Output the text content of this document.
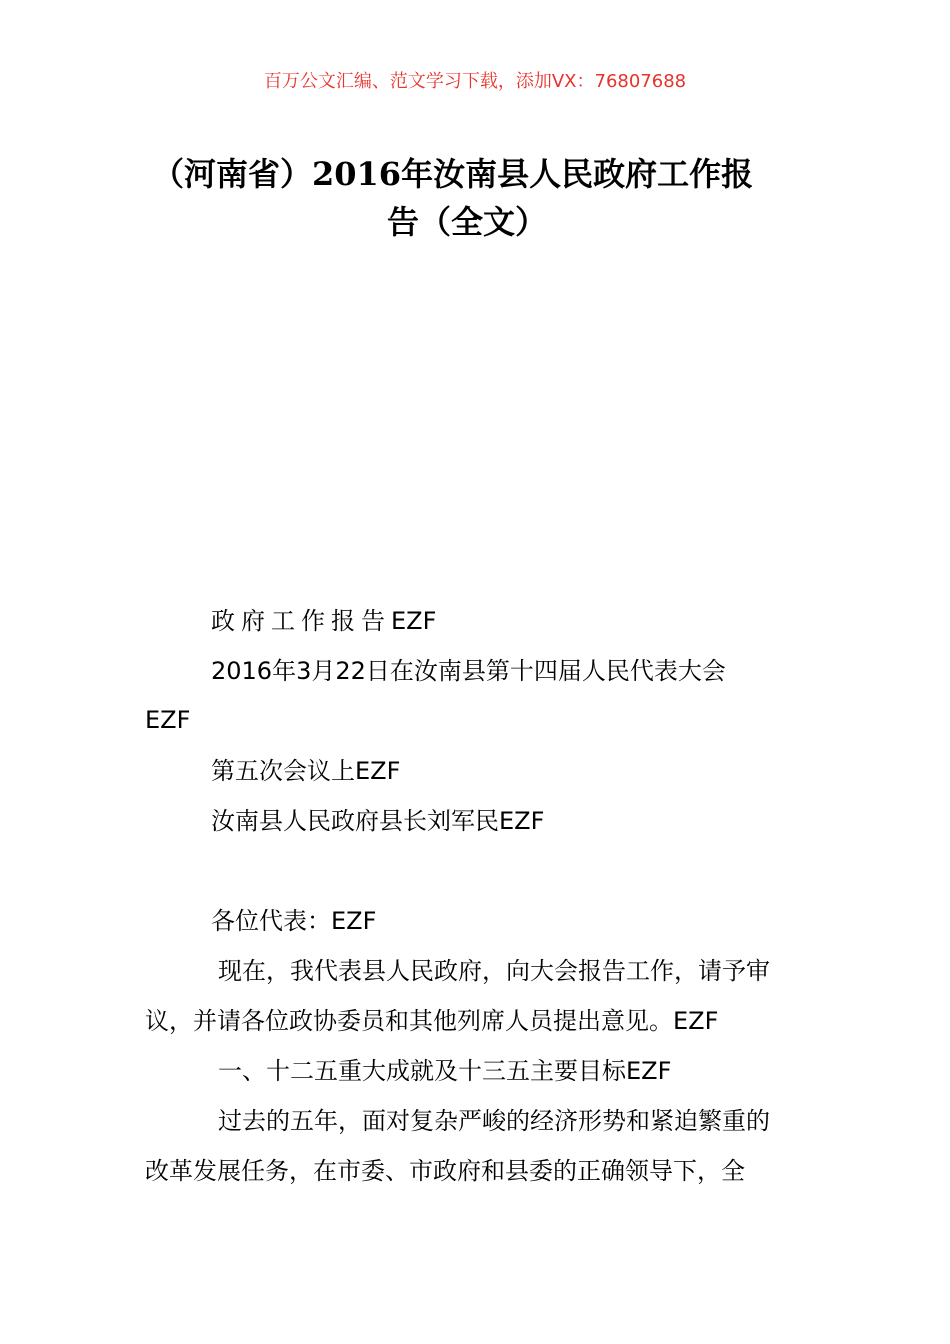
百万公文汇编、范文学习下载，添加VX：76807688
（河南省）2016年汝南县人民政府工作报
告（全文）
政府工作报告EZF
2016年3月22日在汝南县第十四届人民代表大会
EZF
第五次会议上EZF
汝南县人民政府县长刘军民EZF
各位代表：EZF
现在，我代表县人民政府，向大会报告工作，请予审
议，并请各位政协委员和其他列席人员提出意见。EZF
一、十二五重大成就及十三五主要目标EZF
过去的五年，面对复杂严峻的经济形势和紧迫繁重的
改革发展任务，在市委、市政府和县委的正确领导下，全
